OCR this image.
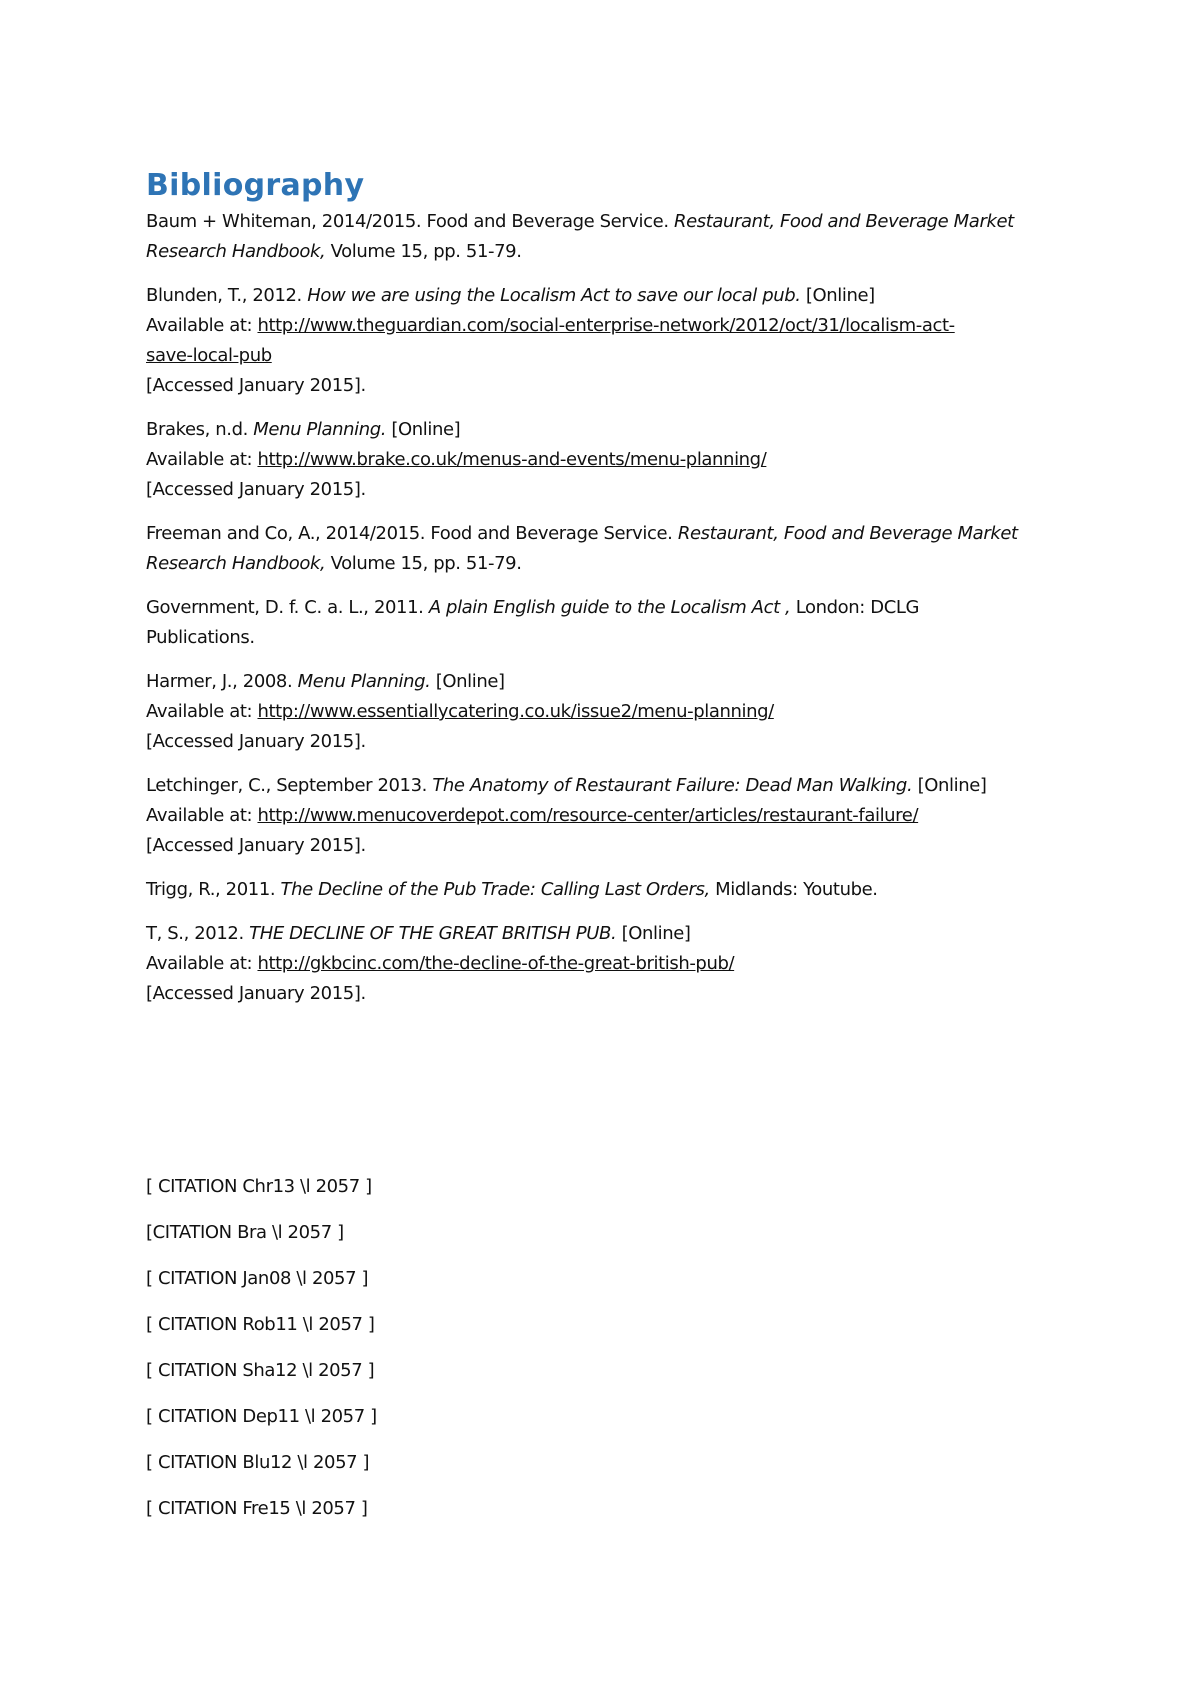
Bibliography
Baum + Whiteman, 2014/2015. Food and Beverage Service. Restaurant, Food and Beverage Market
Research Handbook, Volume 15, pp. 51-79.
Blunden, T., 2012. How we are using the Localism Act to save our local pub. [Online]
Available at: http://www.theguardian.com/social-enterprise-network/2012/oct/31/localism-act-
save-local-pub
[Accessed January 2015].
Brakes, n.d. Menu Planning. [Online]
Available at: http://www.brake.co.uk/menus-and-events/menu-planning/
[Accessed January 2015].
Freeman and Co, A., 2014/2015. Food and Beverage Service. Restaurant, Food and Beverage Market
Research Handbook, Volume 15, pp. 51-79.
Government, D. f. C. a. L., 2011. A plain English guide to the Localism Act , London: DCLG
Publications.
Harmer, J., 2008. Menu Planning. [Online]
Available at: http://www.essentiallycatering.co.uk/issue2/menu-planning/
[Accessed January 2015].
Letchinger, C., September 2013. The Anatomy of Restaurant Failure: Dead Man Walking. [Online]
Available at: http://www.menucoverdepot.com/resource-center/articles/restaurant-failure/
[Accessed January 2015].
Trigg, R., 2011. The Decline of the Pub Trade: Calling Last Orders, Midlands: Youtube.
T, S., 2012. THE DECLINE OF THE GREAT BRITISH PUB. [Online]
Available at: http://gkbcinc.com/the-decline-of-the-great-british-pub/
[Accessed January 2015].
[ CITATION Chr13 \l 2057 ]
[CITATION Bra \l 2057 ]
[ CITATION Jan08 \l 2057 ]
[ CITATION Rob11 \l 2057 ]
[ CITATION Sha12 \l 2057 ]
[ CITATION Dep11 \l 2057 ]
[ CITATION Blu12 \l 2057 ]
[ CITATION Fre15 \l 2057 ]
